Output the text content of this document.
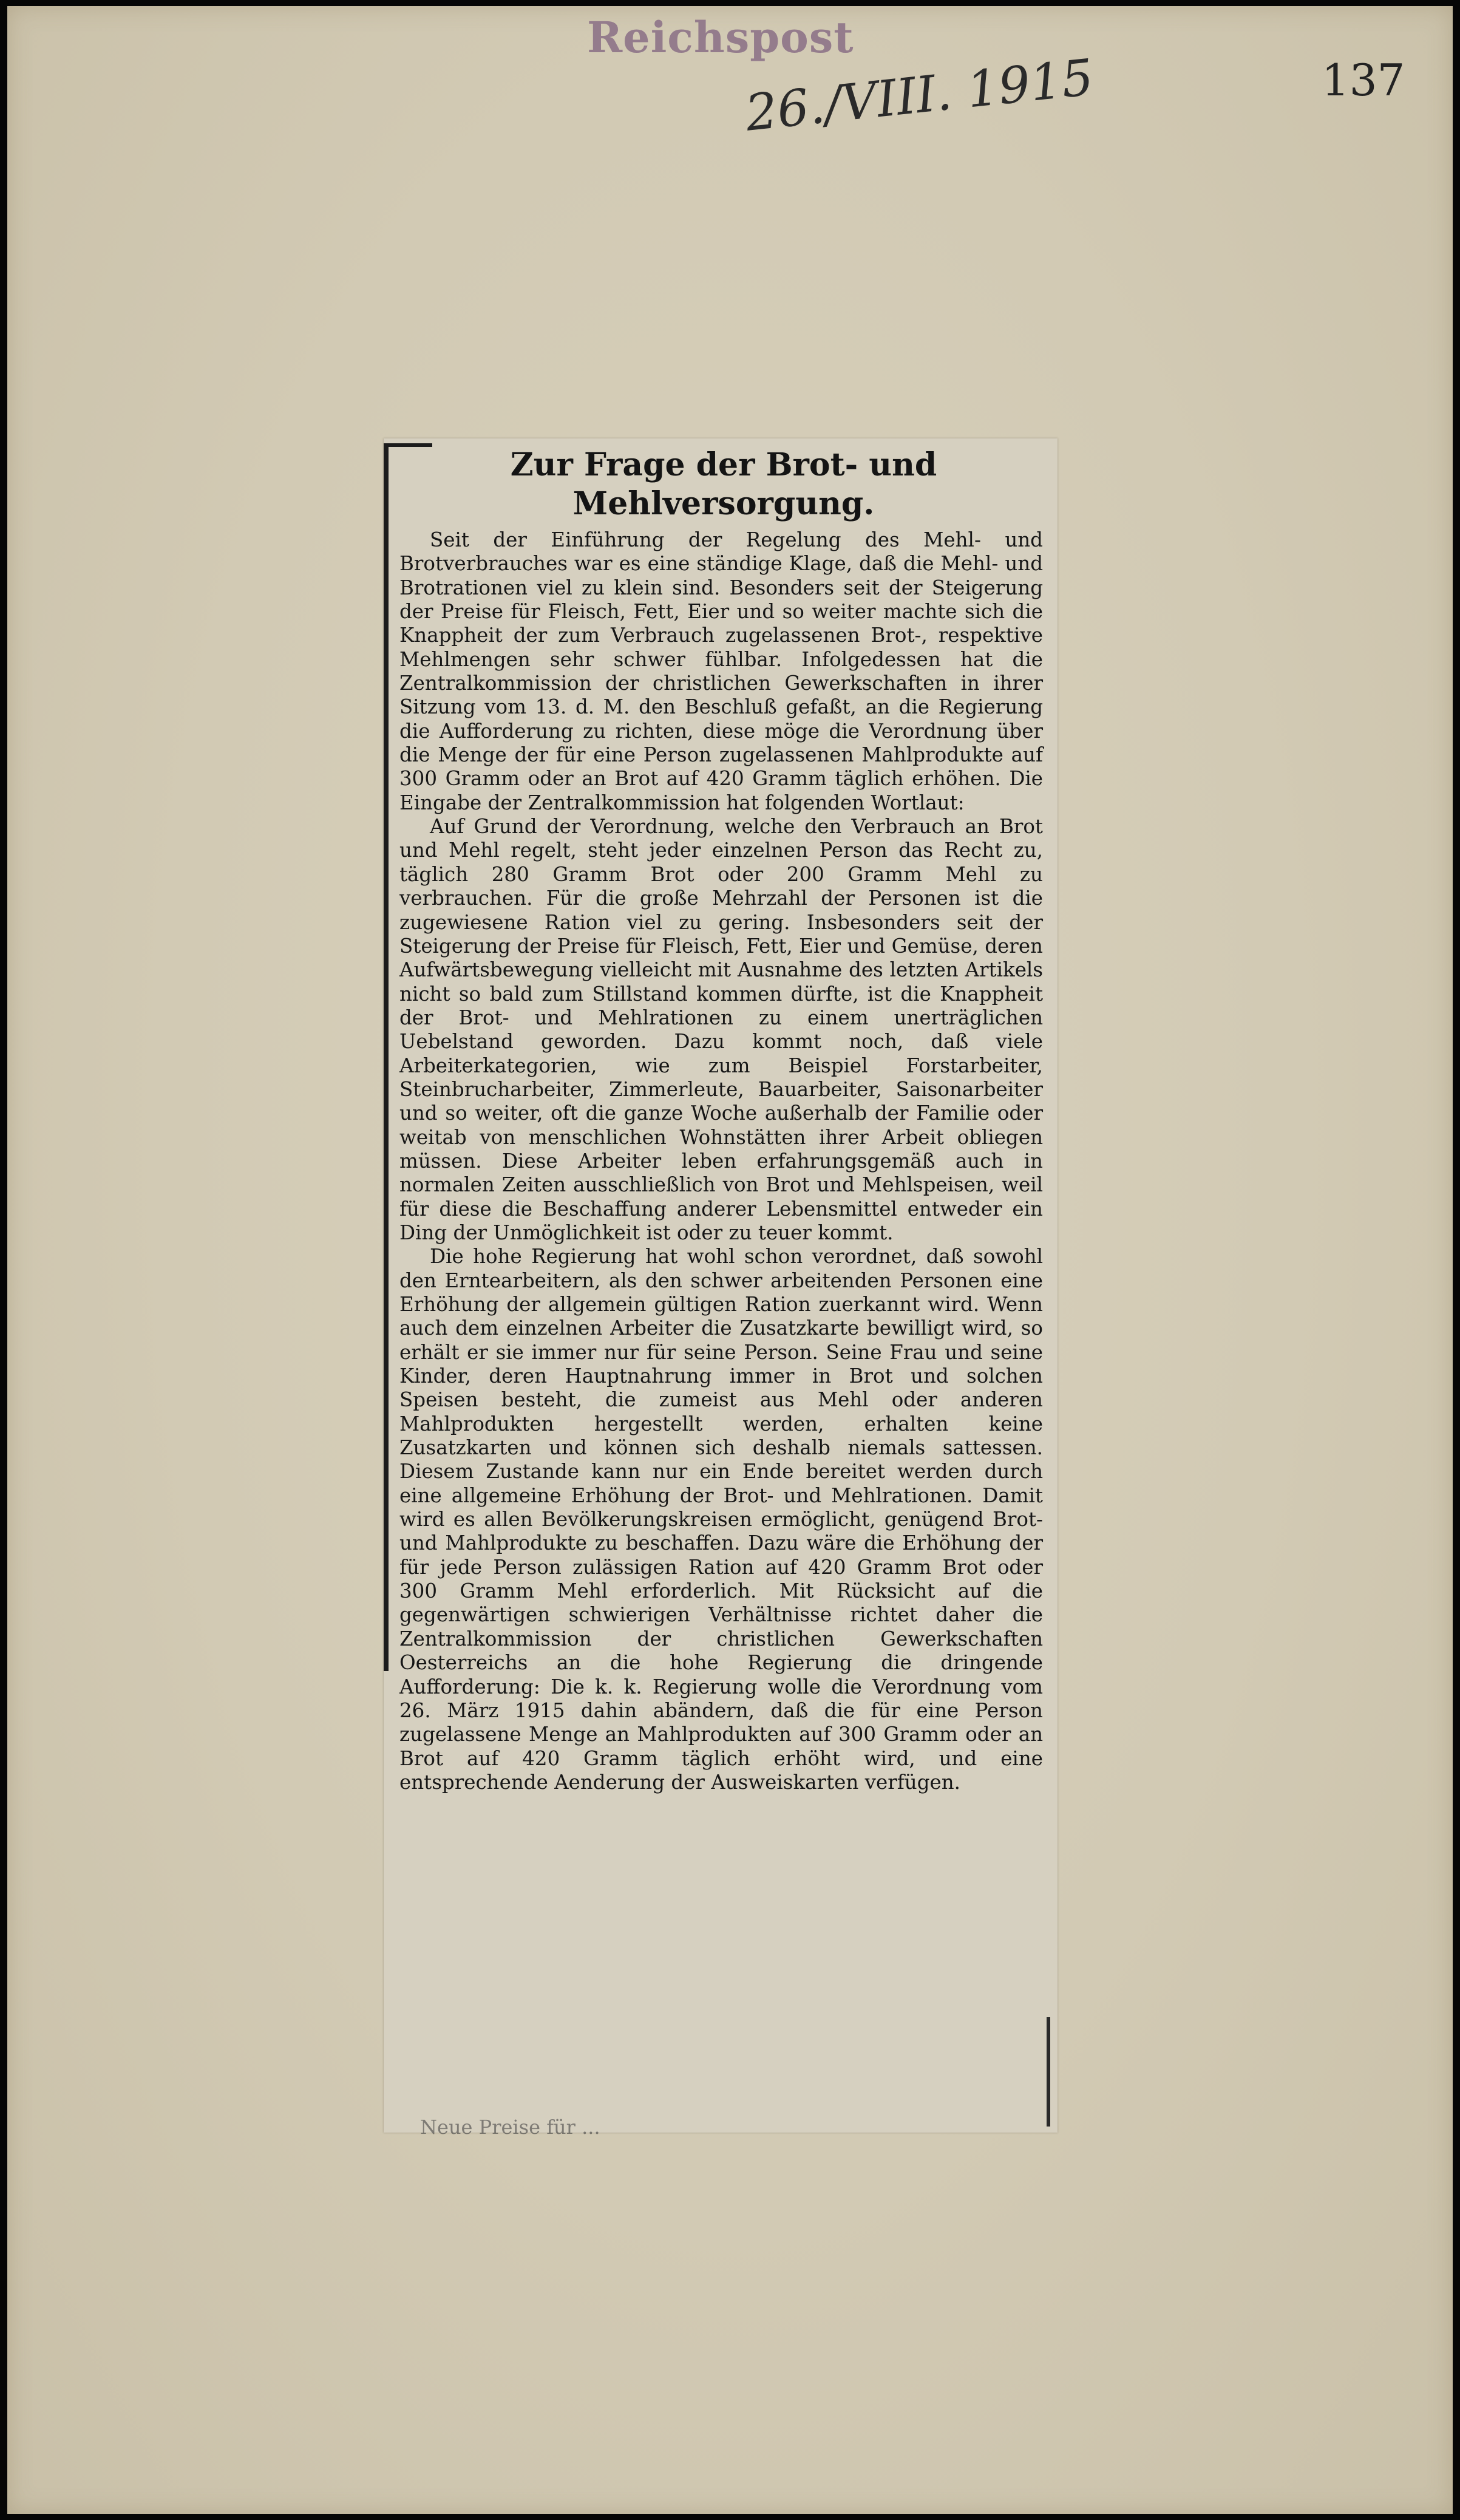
Reichspost
26./VIII. 1915	137
Zur Frage der Brot- und Mehlversorgung.

Seit der Einführung der Regelung des Mehl- und Brotverbrauches war es eine ständige Klage, daß die Mehl- und Brotrationen viel zu klein sind. Besonders seit der Steigerung der Preise für Fleisch, Fett, Eier und so weiter machte sich die Knappheit der zum Verbrauch zugelassenen Brot-, respektive Mehlmengen sehr schwer fühlbar. Infolgedessen hat die Zentralkommission der christlichen Gewerkschaften in ihrer Sitzung vom 13. d. M. den Beschluß gefaßt, an die Regierung die Aufforderung zu richten, diese möge die Verordnung über die Menge der für eine Person zugelassenen Mahlprodukte auf 300 Gramm oder an Brot auf 420 Gramm täglich erhöhen. Die Eingabe der Zentralkommission hat folgenden Wortlaut:

Auf Grund der Verordnung, welche den Verbrauch an Brot und Mehl regelt, steht jeder einzelnen Person das Recht zu, täglich 280 Gramm Brot oder 200 Gramm Mehl zu verbrauchen. Für die große Mehrzahl der Personen ist die zugewiesene Ration viel zu gering. Insbesonders seit der Steigerung der Preise für Fleisch, Fett, Eier und Gemüse, deren Aufwärtsbewegung vielleicht mit Ausnahme des letzten Artikels nicht so bald zum Stillstand kommen dürfte, ist die Knappheit der Brot- und Mehlrationen zu einem unerträglichen Uebelstand geworden. Dazu kommt noch, daß viele Arbeiterkategorien, wie zum Beispiel Forstarbeiter, Steinbrucharbeiter, Zimmerleute, Bauarbeiter, Saisonarbeiter und so weiter, oft die ganze Woche außerhalb der Familie oder weitab von menschlichen Wohnstätten ihrer Arbeit obliegen müssen. Diese Arbeiter leben erfahrungsgemäß auch in normalen Zeiten ausschließlich von Brot und Mehlspeisen, weil für diese die Beschaffung anderer Lebensmittel entweder ein Ding der Unmöglichkeit ist oder zu teuer kommt.

Die hohe Regierung hat wohl schon verordnet, daß sowohl den Erntearbeitern, als den schwer arbeitenden Personen eine Erhöhung der allgemein gültigen Ration zuerkannt wird. Wenn auch dem einzelnen Arbeiter die Zusatzkarte bewilligt wird, so erhält er sie immer nur für seine Person. Seine Frau und seine Kinder, deren Hauptnahrung immer in Brot und solchen Speisen besteht, die zumeist aus Mehl oder anderen Mahlprodukten hergestellt werden, erhalten keine Zusatzkarten und können sich deshalb niemals sattessen. Diesem Zustande kann nur ein Ende bereitet werden durch eine allgemeine Erhöhung der Brot- und Mehlrationen. Damit wird es allen Bevölkerungskreisen ermöglicht, genügend Brot- und Mahlprodukte zu beschaffen. Dazu wäre die Erhöhung der für jede Person zulässigen Ration auf 420 Gramm Brot oder 300 Gramm Mehl erforderlich. Mit Rücksicht auf die gegenwärtigen schwierigen Verhältnisse richtet daher die Zentralkommission der christlichen Gewerkschaften Oesterreichs an die hohe Regierung die dringende Aufforderung: Die k. k. Regierung wolle die Verordnung vom 26. März 1915 dahin abändern, daß die für eine Person zugelassene Menge an Mahlprodukten auf 300 Gramm oder an Brot auf 420 Gramm täglich erhöht wird, und eine entsprechende Aenderung der Ausweiskarten verfügen.

Neue Preise für ...
